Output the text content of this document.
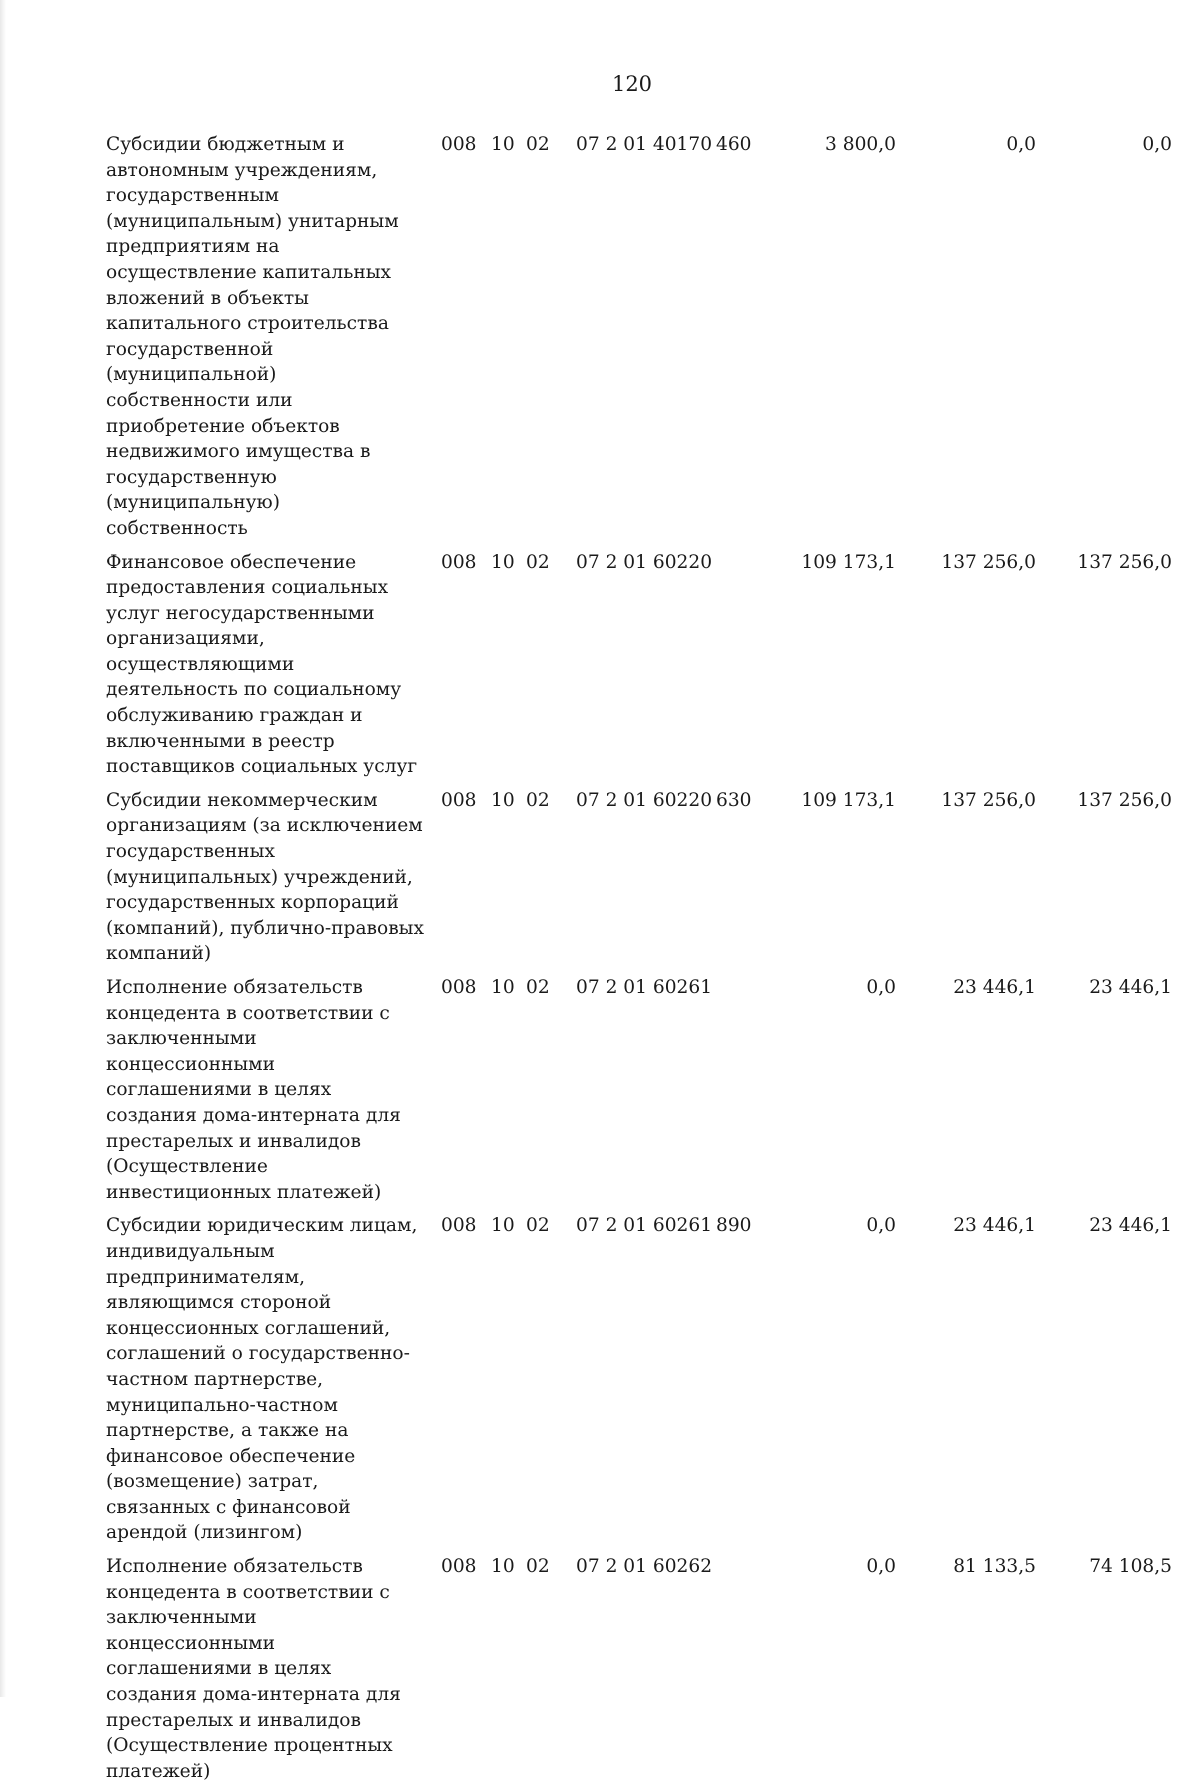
120
Субсидии бюджетным и автономным учреждениям, государственным (муниципальным) унитарным предприятиям на осуществление капитальных вложений в объекты капитального строительства государственной (муниципальной) собственности или приобретение объектов недвижимого имущества в государственную (муниципальную) собственность
008 10 02 07 2 01 40170 460	3 800,0	0,0	0,0
Финансовое обеспечение предоставления социальных услуг негосударственными организациями, осуществляющими деятельность по социальному обслуживанию граждан и включенными в реестр поставщиков социальных услуг
008 10 02 07 2 01 60220	109 173,1	137 256,0	137 256,0
Субсидии некоммерческим организациям (за исключением государственных (муниципальных) учреждений, государственных корпораций (компаний), публично-правовых компаний)
008 10 02 07 2 01 60220 630	109 173,1	137 256,0	137 256,0
Исполнение обязательств концедента в соответствии с заключенными концессионными соглашениями в целях создания дома-интерната для престарелых и инвалидов (Осуществление инвестиционных платежей)
008 10 02 07 2 01 60261	0,0	23 446,1	23 446,1
Субсидии юридическим лицам, индивидуальным предпринимателям, являющимся стороной концессионных соглашений, соглашений о государственно-частном партнерстве, муниципально-частном партнерстве, а также на финансовое обеспечение (возмещение) затрат, связанных с финансовой арендой (лизингом)
008 10 02 07 2 01 60261 890	0,0	23 446,1	23 446,1
Исполнение обязательств концедента в соответствии с заключенными концессионными соглашениями в целях создания дома-интерната для престарелых и инвалидов (Осуществление процентных платежей)
008 10 02 07 2 01 60262	0,0	81 133,5	74 108,5
